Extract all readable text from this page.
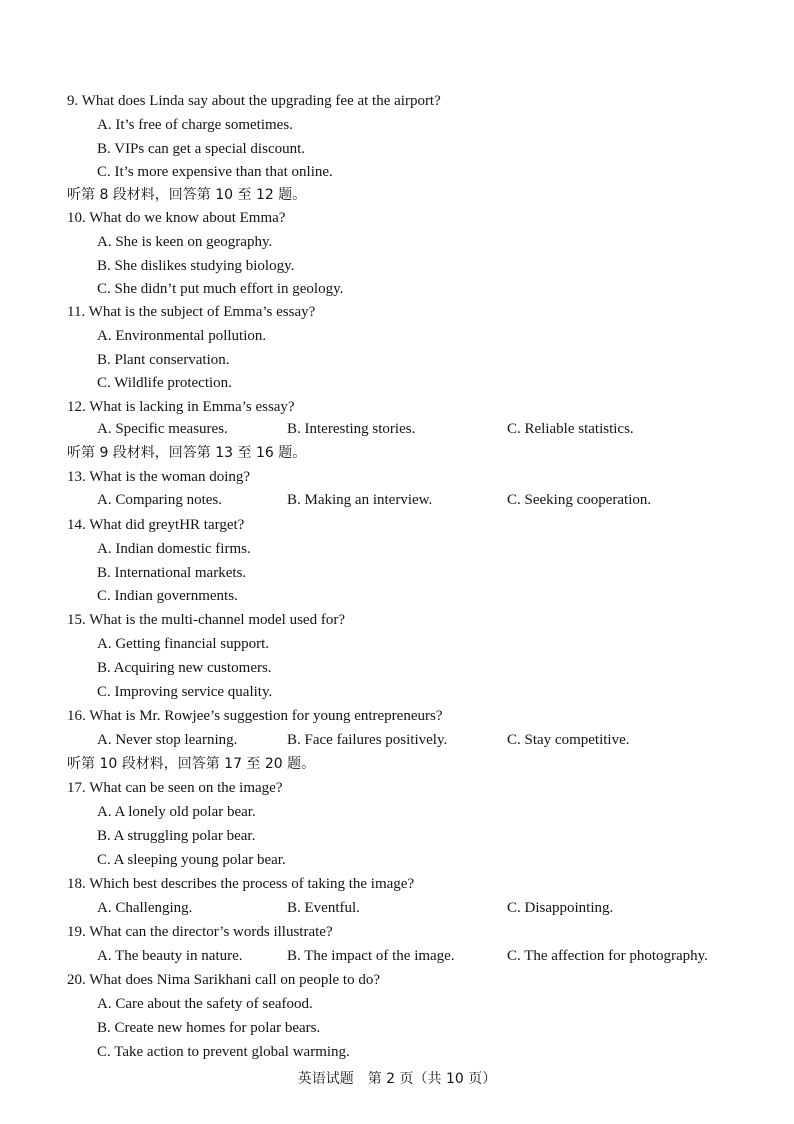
9. What does Linda say about the upgrading fee at the airport?
A. It’s free of charge sometimes.
B. VIPs can get a special discount.
C. It’s more expensive than that online.
听第 8 段材料，回答第 10 至 12 题。
10. What do we know about Emma?
A. She is keen on geography.
B. She dislikes studying biology.
C. She didn’t put much effort in geology.
11. What is the subject of Emma’s essay?
A. Environmental pollution.
B. Plant conservation.
C. Wildlife protection.
12. What is lacking in Emma’s essay?
A. Specific measures.	B. Interesting stories.	C. Reliable statistics.
听第 9 段材料，回答第 13 至 16 题。
13. What is the woman doing?
A. Comparing notes.	B. Making an interview.	C. Seeking cooperation.
14. What did greytHR target?
A. Indian domestic firms.
B. International markets.
C. Indian governments.
15. What is the multi-channel model used for?
A. Getting financial support.
B. Acquiring new customers.
C. Improving service quality.
16. What is Mr. Rowjee’s suggestion for young entrepreneurs?
A. Never stop learning.	B. Face failures positively.	C. Stay competitive.
听第 10 段材料，回答第 17 至 20 题。
17. What can be seen on the image?
A. A lonely old polar bear.
B. A struggling polar bear.
C. A sleeping young polar bear.
18. Which best describes the process of taking the image?
A. Challenging.	B. Eventful.	C. Disappointing.
19. What can the director’s words illustrate?
A. The beauty in nature.	B. The impact of the image.	C. The affection for photography.
20. What does Nima Sarikhani call on people to do?
A. Care about the safety of seafood.
B. Create new homes for polar bears.
C. Take action to prevent global warming.
英语试题　第 2 页（共 10 页）
